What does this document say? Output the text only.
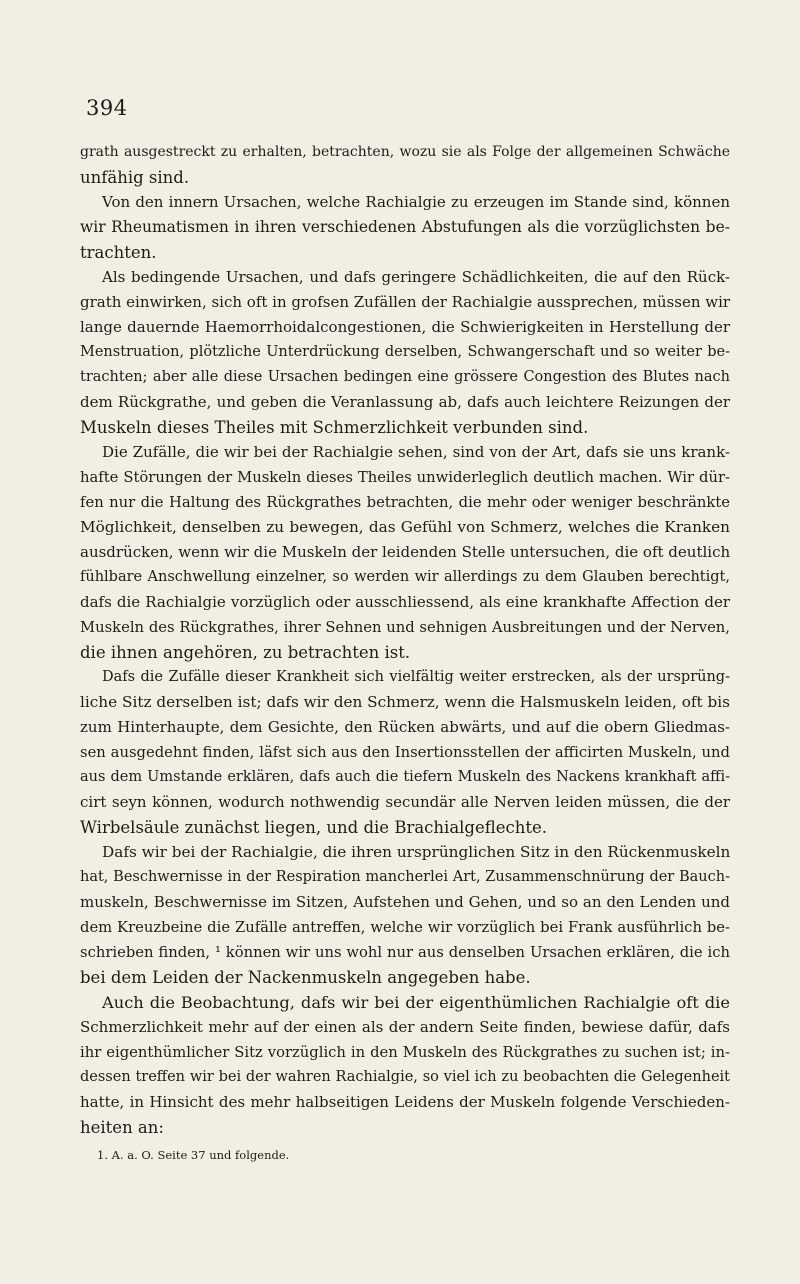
394
grath ausgestreckt zu erhalten, betrachten, wozu sie als Folge der allgemeinen Schwäche
unfähig sind.
Von den innern Ursachen, welche Rachialgie zu erzeugen im Stande sind, können
wir Rheumatismen in ihren verschiedenen Abstufungen als die vorzüglichsten be-
trachten.
Als bedingende Ursachen, und dafs geringere Schädlichkeiten, die auf den Rück-
grath einwirken, sich oft in grofsen Zufällen der Rachialgie aussprechen, müssen wir
lange dauernde Haemorrhoidalcongestionen, die Schwierigkeiten in Herstellung der
Menstruation, plötzliche Unterdrückung derselben, Schwangerschaft und so weiter be-
trachten; aber alle diese Ursachen bedingen eine grössere Congestion des Blutes nach
dem Rückgrathe, und geben die Veranlassung ab, dafs auch leichtere Reizungen der
Muskeln dieses Theiles mit Schmerzlichkeit verbunden sind.
Die Zufälle, die wir bei der Rachialgie sehen, sind von der Art, dafs sie uns krank-
hafte Störungen der Muskeln dieses Theiles unwiderleglich deutlich machen. Wir dür-
fen nur die Haltung des Rückgrathes betrachten, die mehr oder weniger beschränkte
Möglichkeit, denselben zu bewegen, das Gefühl von Schmerz, welches die Kranken
ausdrücken, wenn wir die Muskeln der leidenden Stelle untersuchen, die oft deutlich
fühlbare Anschwellung einzelner, so werden wir allerdings zu dem Glauben berechtigt,
dafs die Rachialgie vorzüglich oder ausschliessend, als eine krankhafte Affection der
Muskeln des Rückgrathes, ihrer Sehnen und sehnigen Ausbreitungen und der Nerven,
die ihnen angehören, zu betrachten ist.
Dafs die Zufälle dieser Krankheit sich vielfältig weiter erstrecken, als der ursprüng-
liche Sitz derselben ist; dafs wir den Schmerz, wenn die Halsmuskeln leiden, oft bis
zum Hinterhaupte, dem Gesichte, den Rücken abwärts, und auf die obern Gliedmas-
sen ausgedehnt finden, läfst sich aus den Insertionsstellen der afficirten Muskeln, und
aus dem Umstande erklären, dafs auch die tiefern Muskeln des Nackens krankhaft affi-
cirt seyn können, wodurch nothwendig secundär alle Nerven leiden müssen, die der
Wirbelsäule zunächst liegen, und die Brachialgeflechte.
Dafs wir bei der Rachialgie, die ihren ursprünglichen Sitz in den Rückenmuskeln
hat, Beschwernisse in der Respiration mancherlei Art, Zusammenschnürung der Bauch-
muskeln, Beschwernisse im Sitzen, Aufstehen und Gehen, und so an den Lenden und
dem Kreuzbeine die Zufälle antreffen, welche wir vorzüglich bei Frank ausführlich be-
schrieben finden, ¹ können wir uns wohl nur aus denselben Ursachen erklären, die ich
bei dem Leiden der Nackenmuskeln angegeben habe.
Auch die Beobachtung, dafs wir bei der eigenthümlichen Rachialgie oft die
Schmerzlichkeit mehr auf der einen als der andern Seite finden, bewiese dafür, dafs
ihr eigenthümlicher Sitz vorzüglich in den Muskeln des Rückgrathes zu suchen ist; in-
dessen treffen wir bei der wahren Rachialgie, so viel ich zu beobachten die Gelegenheit
hatte, in Hinsicht des mehr halbseitigen Leidens der Muskeln folgende Verschieden-
heiten an:
1. A. a. O. Seite 37 und folgende.
